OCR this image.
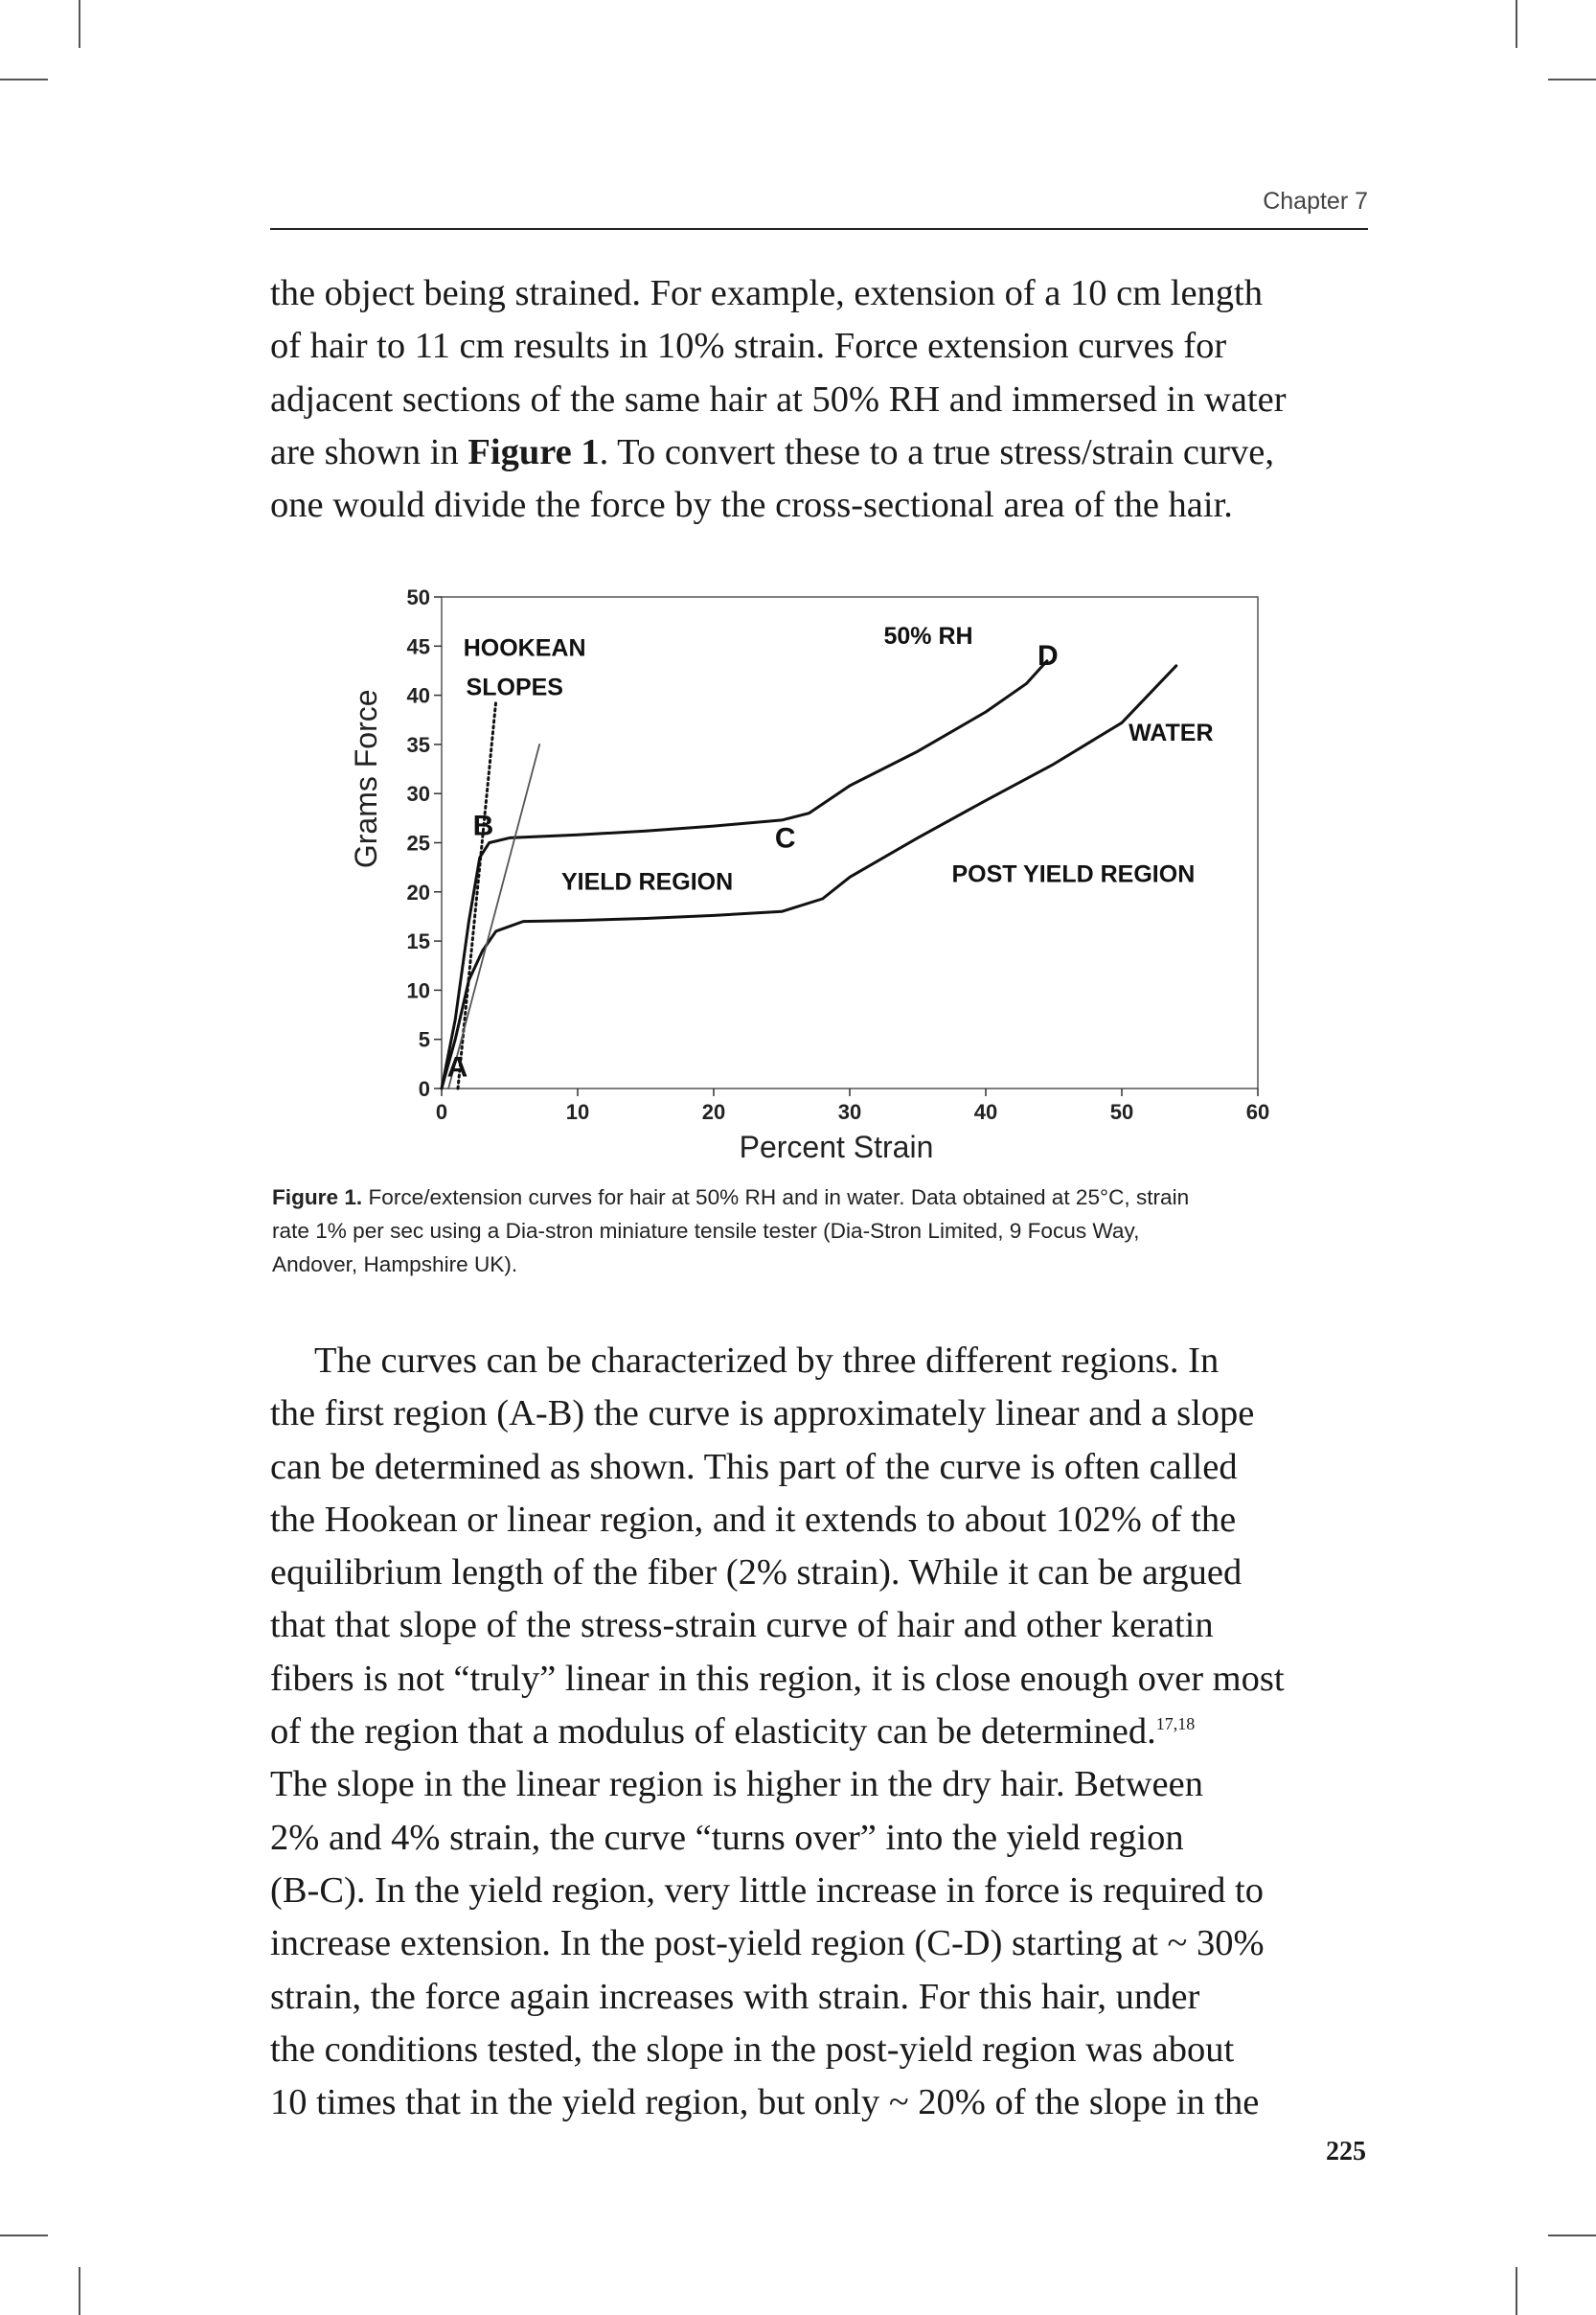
Chapter 7
the object being strained. For example, extension of a 10 cm length
of hair to 11 cm results in 10% strain. Force extension curves for
adjacent sections of the same hair at 50% RH and immersed in water
are shown in Figure 1. To convert these to a true stress/strain curve,
one would divide the force by the cross-sectional area of the hair.
0
5
10
15
20
25
30
35
40
45
50
0	10	20	30	40	50	60
Percent Strain
Grams Force
HOOKEAN
SLOPES
50% RH
D
WATER
B	C
YIELD REGION	POST YIELD REGION
A
Figure 1. Force/extension curves for hair at 50% RH and in water. Data obtained at 25°C, strain
rate 1% per sec using a Dia-stron miniature tensile tester (Dia-Stron Limited, 9 Focus Way,
Andover, Hampshire UK).
The curves can be characterized by three different regions. In
the first region (A-B) the curve is approximately linear and a slope
can be determined as shown. This part of the curve is often called
the Hookean or linear region, and it extends to about 102% of the
equilibrium length of the fiber (2% strain). While it can be argued
that that slope of the stress-strain curve of hair and other keratin
fibers is not “truly” linear in this region, it is close enough over most
of the region that a modulus of elasticity can be determined.$^{17,18}$
The slope in the linear region is higher in the dry hair. Between
2% and 4% strain, the curve “turns over” into the yield region
(B-C). In the yield region, very little increase in force is required to
increase extension. In the post-yield region (C-D) starting at ~ 30%
strain, the force again increases with strain. For this hair, under
the conditions tested, the slope in the post-yield region was about
10 times that in the yield region, but only ~ 20% of the slope in the
225
